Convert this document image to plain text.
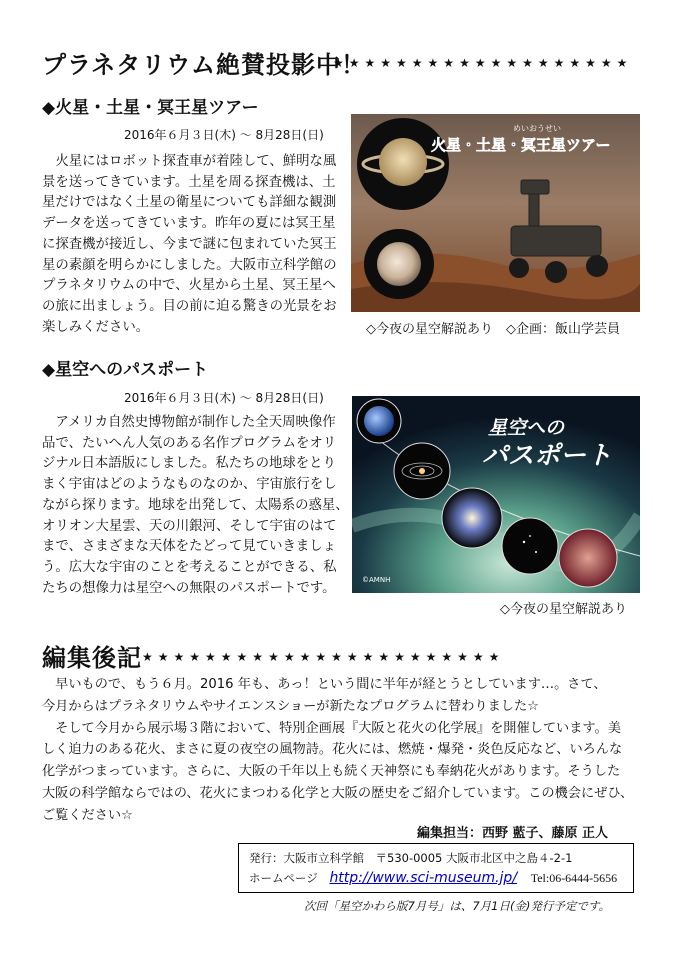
プラネタリウム絶賛投影中！
★★★★★★★★★★★★★★★★★★★
◆火星・土星・冥王星ツアー
2016年６月３日(木) ～ 8月28日(日)

　火星にはロボット探査車が着陸して、鮮明な風

景を送ってきています。土星を周る探査機は、土

星だけではなく土星の衛星についても詳細な観測

データを送ってきています。昨年の夏には冥王星

に探査機が接近し、今まで謎に包まれていた冥王

星の素顔を明らかにしました。大阪市立科学館の

プラネタリウムの中で、火星から土星、冥王星へ

の旅に出ましょう。目の前に迫る驚きの光景をお

楽しみください。

めいおうせい
火星・土星・冥王星ツアー
◇今夜の星空解説あり　◇企画：飯山学芸員
◆星空へのパスポート
2016年６月３日(木) ～ 8月28日(日)

　アメリカ自然史博物館が制作した全天周映像作

品で、たいへん人気のある名作プログラムをオリ

ジナル日本語版にしました。私たちの地球をとり

まく宇宙はどのようなものなのか、宇宙旅行をし

ながら探ります。地球を出発して、太陽系の惑星、

オリオン大星雲、天の川銀河、そして宇宙のはて

まで、さまざまな天体をたどって見ていきましょ

う。広大な宇宙のことを考えることができる、私

たちの想像力は星空への無限のパスポートです。

星空への
パスポート
©AMNH
◇今夜の星空解説あり
編集後記 ★★★★★★★★★★★★★★★★★★★★★★★

　早いもので、もう６月。2016 年も、あっ！という間に半年が経とうとしています…。さて、

今月からはプラネタリウムやサイエンスショーが新たなプログラムに替わりました☆

　そして今月から展示場３階において、特別企画展『大阪と花火の化学展』を開催しています。美

しく迫力のある花火、まさに夏の夜空の風物詩。花火には、燃焼・爆発・炎色反応など、いろんな

化学がつまっています。さらに、大阪の千年以上も続く天神祭にも奉納花火があります。そうした

大阪の科学館ならではの、花火にまつわる化学と大阪の歴史をご紹介しています。この機会にぜひ、

ご覧ください☆

編集担当：西野 藍子、藤原 正人
発行：大阪市立科学館　〒530-0005 大阪市北区中之島４-2-1
ホームページ http://www.sci-museum.jp/ Tel:06-6444-5656
次回「星空かわら版7月号」は、7月1日(金)発行予定です。
